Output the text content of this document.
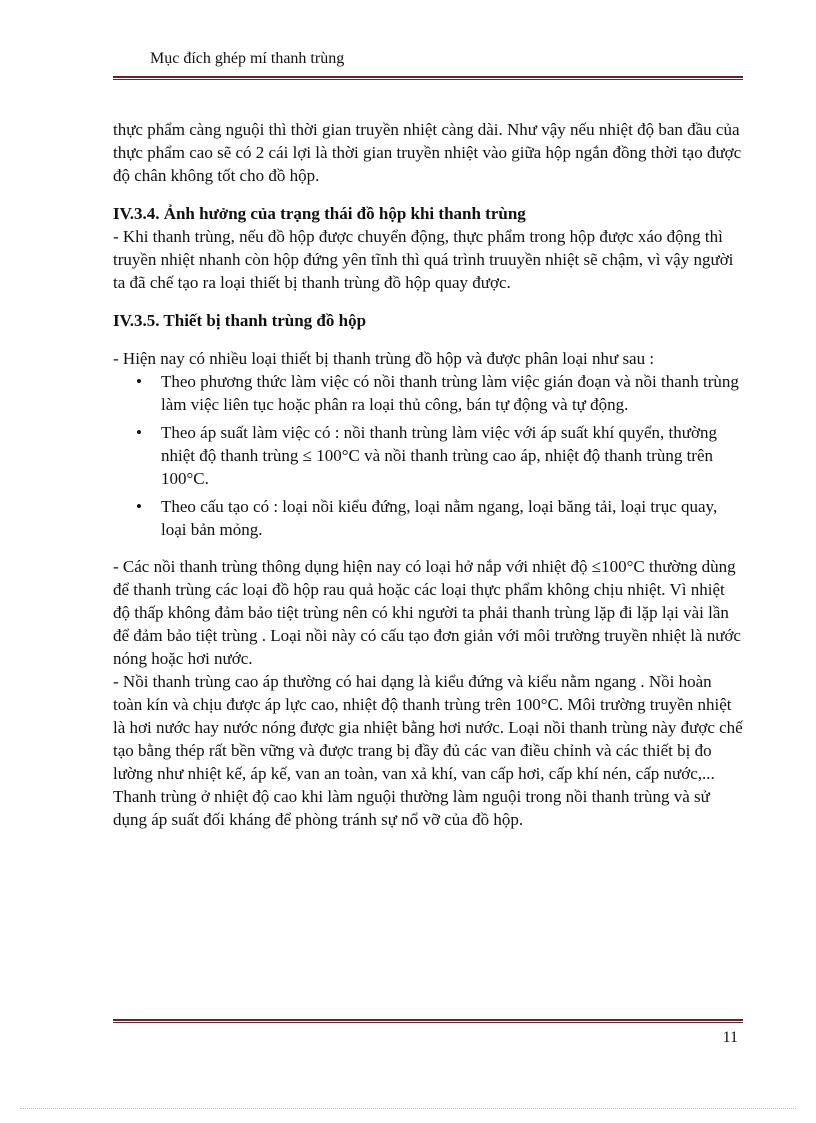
Mục đích ghép mí thanh trùng

thực phẩm càng nguội thì thời gian truyền nhiệt càng dài. Như vậy nếu nhiệt độ ban đầu của thực phẩm cao sẽ có 2 cái lợi là thời gian truyền nhiệt vào giữa hộp ngắn đồng thời tạo được độ chân không tốt cho đồ hộp.

IV.3.4. Ảnh hưởng của trạng thái đồ hộp khi thanh trùng

- Khi thanh trùng, nếu đồ hộp được chuyển động, thực phẩm trong hộp được xáo động thì truyền nhiệt nhanh còn hộp đứng yên tĩnh thì quá trình truuyền nhiệt sẽ chậm, vì vậy người ta đã chế tạo ra loại thiết bị thanh trùng đồ hộp quay được.

IV.3.5. Thiết bị thanh trùng đồ hộp

- Hiện nay có nhiều loại thiết bị thanh trùng đồ hộp và được phân loại như sau :

• Theo phương thức làm việc có nồi thanh trùng làm việc gián đoạn và nồi thanh trùng làm việc liên tục hoặc phân ra loại thủ công, bán tự động và tự động.
• Theo áp suất làm việc có : nồi thanh trùng làm việc với áp suất khí quyển, thường nhiệt độ thanh trùng ≤ 100°C và nồi thanh trùng cao áp, nhiệt độ thanh trùng trên 100°C.
• Theo cấu tạo có : loại nồi kiểu đứng, loại nằm ngang, loại băng tải, loại trục quay, loại bản mỏng.

- Các nồi thanh trùng thông dụng hiện nay có loại hở nắp với nhiệt độ ≤100°C thường dùng để thanh trùng các loại đồ hộp rau quả hoặc các loại thực phẩm không chịu nhiệt. Vì nhiệt độ thấp không đảm bảo tiệt trùng nên có khi người ta phải thanh trùng lặp đi lặp lại vài lần để đảm bảo tiệt trùng . Loại nồi này có cấu tạo đơn giản với môi trường truyền nhiệt là nước nóng hoặc hơi nước.

- Nồi thanh trùng cao áp thường có hai dạng là kiểu đứng và kiểu nằm ngang . Nồi hoàn toàn kín và chịu được áp lực cao, nhiệt độ thanh trùng trên 100°C. Môi trường truyền nhiệt là hơi nước hay nước nóng được gia nhiệt bằng hơi nước. Loại nồi thanh trùng này được chế tạo bằng thép rất bền vững và được trang bị đầy đủ các van điều chỉnh và các thiết bị đo lường như nhiệt kế, áp kế, van an toàn, van xả khí, van cấp hơi, cấp khí nén, cấp nước,... Thanh trùng ở nhiệt độ cao khi làm nguội thường làm nguội trong nồi thanh trùng và sử dụng áp suất đối kháng để phòng tránh sự nổ vỡ của đồ hộp.

11
